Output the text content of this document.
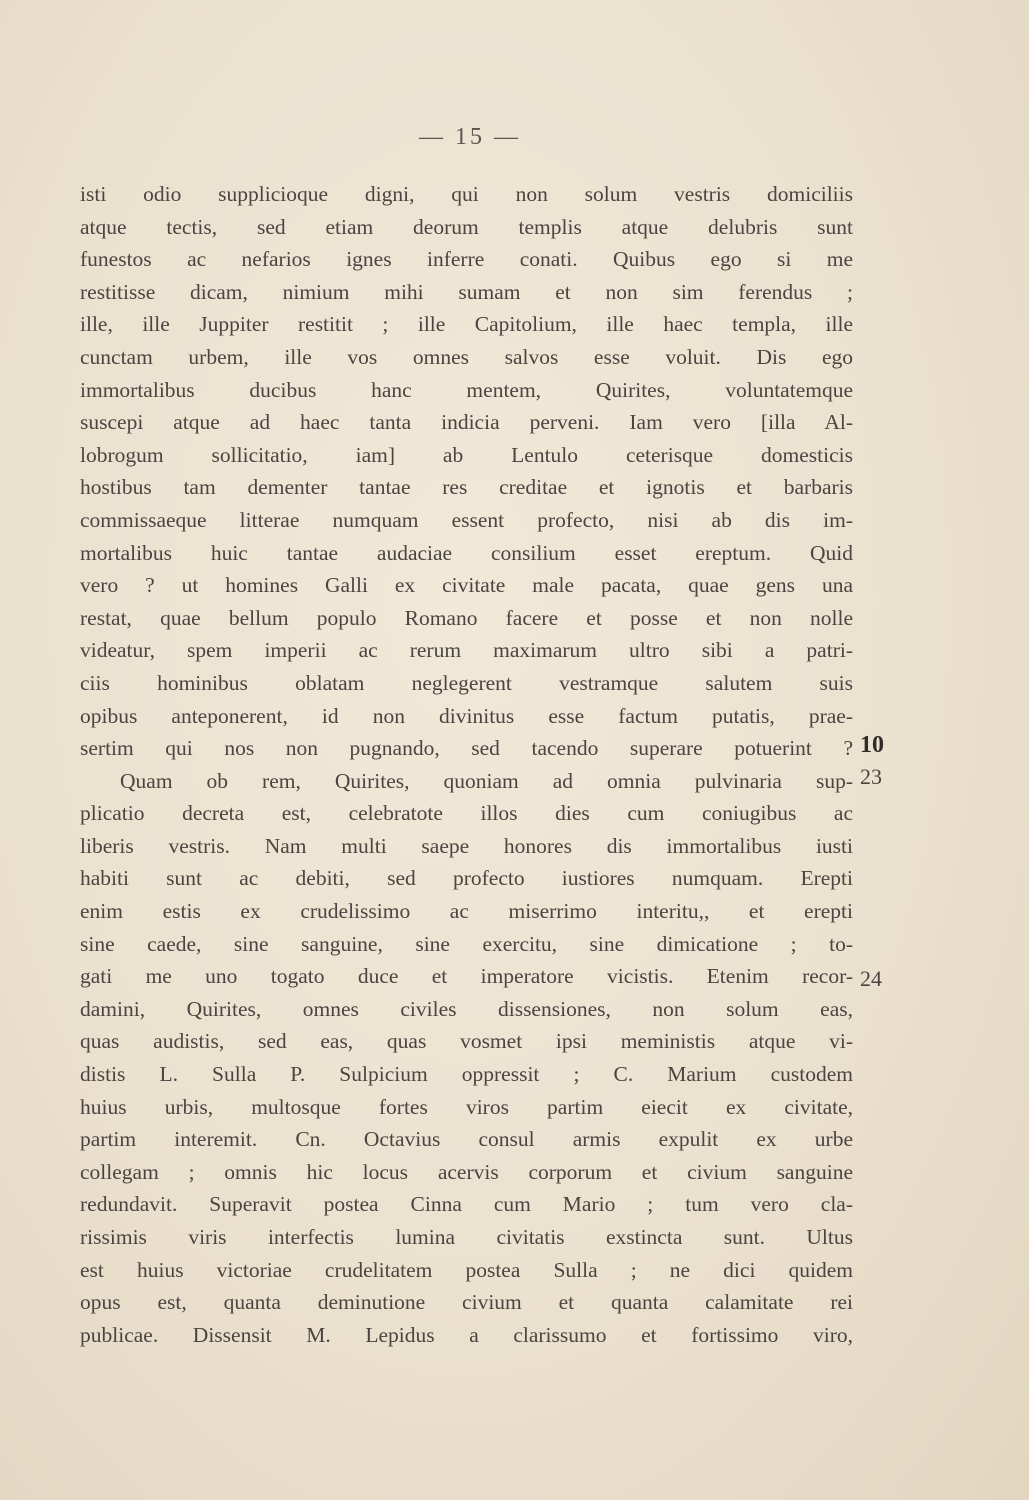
— 15 —
isti odio supplicioque digni, qui non solum vestris domiciliis
atque tectis, sed etiam deorum templis atque delubris sunt
funestos ac nefarios ignes inferre conati. Quibus ego si me
restitisse dicam, nimium mihi sumam et non sim ferendus ;
ille, ille Juppiter restitit ; ille Capitolium, ille haec templa, ille
cunctam urbem, ille vos omnes salvos esse voluit. Dis ego
immortalibus ducibus hanc mentem, Quirites, voluntatemque
suscepi atque ad haec tanta indicia perveni. Iam vero [illa Al-
lobrogum sollicitatio, iam] ab Lentulo ceterisque domesticis
hostibus tam dementer tantae res creditae et ignotis et barbaris
commissaeque litterae numquam essent profecto, nisi ab dis im-
mortalibus huic tantae audaciae consilium esset ereptum. Quid
vero ? ut homines Galli ex civitate male pacata, quae gens una
restat, quae bellum populo Romano facere et posse et non nolle
videatur, spem imperii ac rerum maximarum ultro sibi a patri-
ciis hominibus oblatam neglegerent vestramque salutem suis
opibus anteponerent, id non divinitus esse factum putatis, prae-
sertim qui nos non pugnando, sed tacendo superare potuerint ?
Quam ob rem, Quirites, quoniam ad omnia pulvinaria sup-
plicatio decreta est, celebratote illos dies cum coniugibus ac
liberis vestris. Nam multi saepe honores dis immortalibus iusti
habiti sunt ac debiti, sed profecto iustiores numquam. Erepti
enim estis ex crudelissimo ac miserrimo interitu,, et erepti
sine caede, sine sanguine, sine exercitu, sine dimicatione ; to-
gati me uno togato duce et imperatore vicistis. Etenim recor-
damini, Quirites, omnes civiles dissensiones, non solum eas,
quas audistis, sed eas, quas vosmet ipsi meministis atque vi-
distis L. Sulla P. Sulpicium oppressit ; C. Marium custodem
huius urbis, multosque fortes viros partim eiecit ex civitate,
partim interemit. Cn. Octavius consul armis expulit ex urbe
collegam ; omnis hic locus acervis corporum et civium sanguine
redundavit. Superavit postea Cinna cum Mario ; tum vero cla-
rissimis viris interfectis lumina civitatis exstincta sunt. Ultus
est huius victoriae crudelitatem postea Sulla ; ne dici quidem
opus est, quanta deminutione civium et quanta calamitate rei
publicae. Dissensit M. Lepidus a clarissumo et fortissimo viro,
10
23
24
